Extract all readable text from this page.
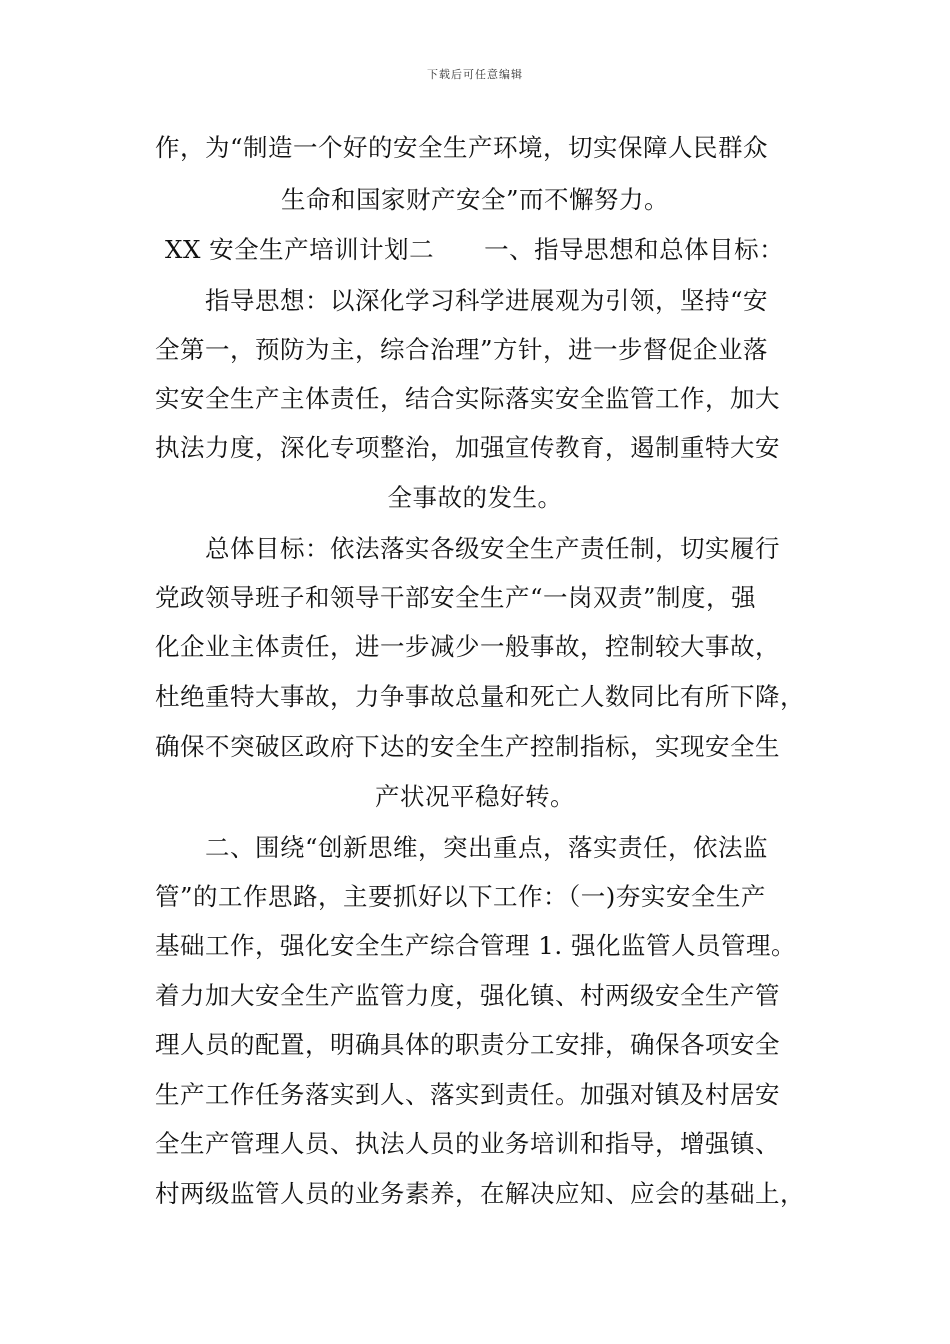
下载后可任意编辑
作，为“制造一个好的安全生产环境，切实保障人民群众
生命和国家财产安全”而不懈努力。
XX 安全生产培训计划二　　一、指导思想和总体目标：
指导思想：以深化学习科学进展观为引领，坚持“安
全第一，预防为主，综合治理”方针，进一步督促企业落
实安全生产主体责任，结合实际落实安全监管工作，加大
执法力度，深化专项整治，加强宣传教育，遏制重特大安
全事故的发生。
总体目标：依法落实各级安全生产责任制，切实履行
党政领导班子和领导干部安全生产“一岗双责”制度，强
化企业主体责任，进一步减少一般事故，控制较大事故，
杜绝重特大事故，力争事故总量和死亡人数同比有所下降，
确保不突破区政府下达的安全生产控制指标，实现安全生
产状况平稳好转。
二、围绕“创新思维，突出重点，落实责任，依法监
管”的工作思路，主要抓好以下工作：（一)夯实安全生产
基础工作，强化安全生产综合管理 1. 强化监管人员管理。
着力加大安全生产监管力度，强化镇、村两级安全生产管
理人员的配置，明确具体的职责分工安排，确保各项安全
生产工作任务落实到人、落实到责任。加强对镇及村居安
全生产管理人员、执法人员的业务培训和指导，增强镇、
村两级监管人员的业务素养，在解决应知、应会的基础上，
